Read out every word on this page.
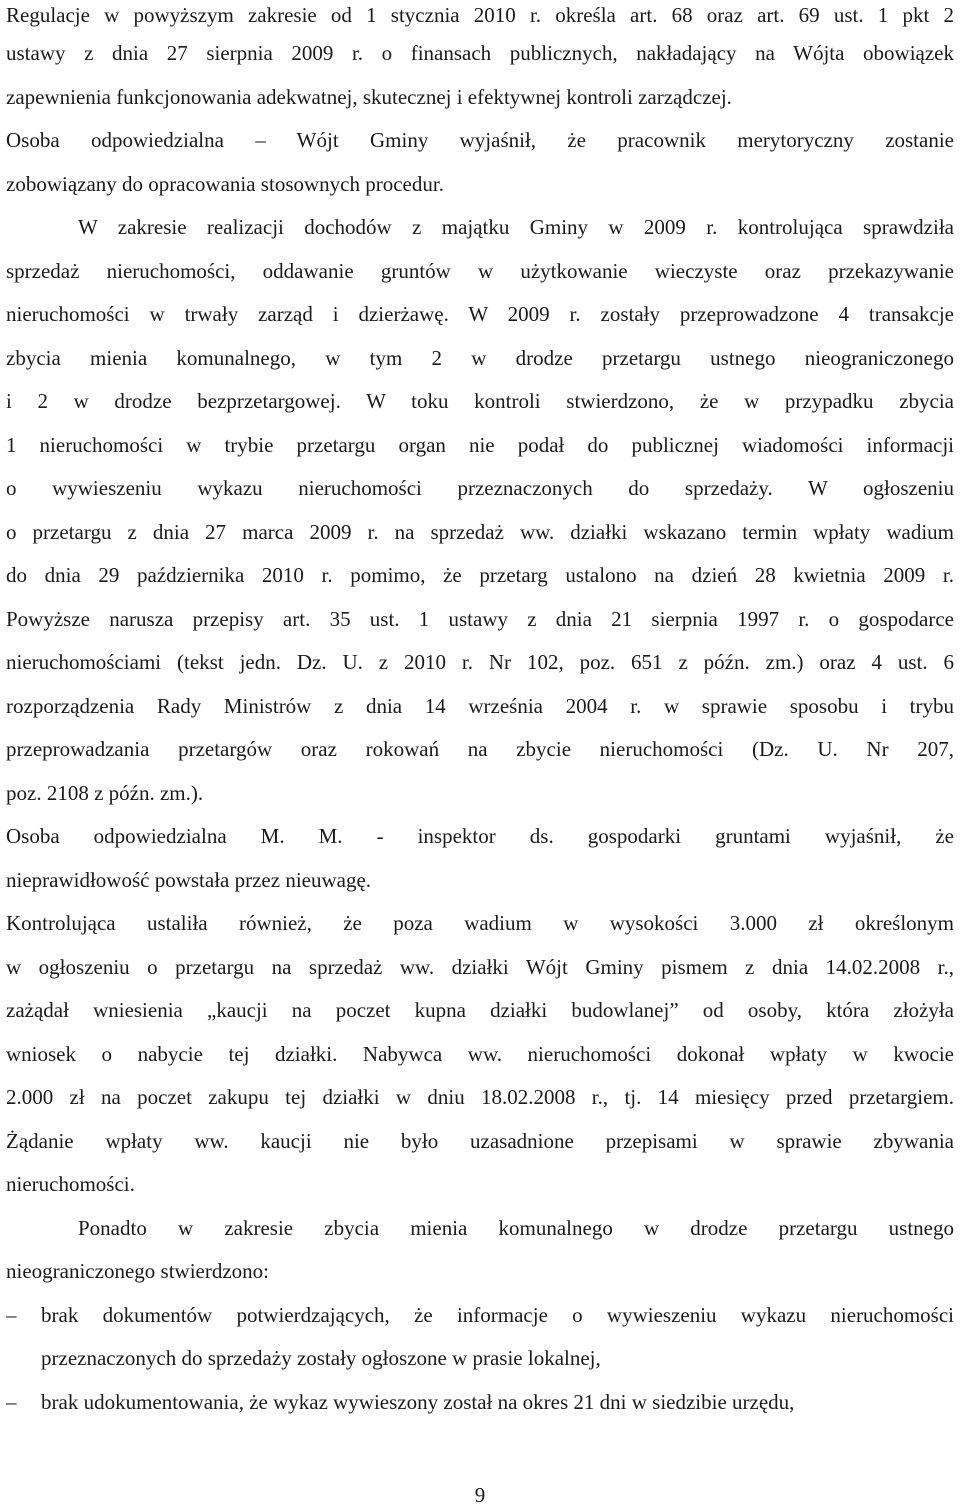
Regulacje w powyższym zakresie od 1 stycznia 2010 r. określa art. 68 oraz art. 69 ust. 1 pkt 2
ustawy z dnia 27 sierpnia 2009 r. o finansach publicznych, nakładający na Wójta obowiązek
zapewnienia funkcjonowania adekwatnej, skutecznej i efektywnej kontroli zarządczej.
Osoba odpowiedzialna – Wójt Gminy wyjaśnił, że pracownik merytoryczny zostanie
zobowiązany do opracowania stosownych procedur.
W zakresie realizacji dochodów z majątku Gminy w 2009 r. kontrolująca sprawdziła
sprzedaż nieruchomości, oddawanie gruntów w użytkowanie wieczyste oraz przekazywanie
nieruchomości w trwały zarząd i dzierżawę. W 2009 r. zostały przeprowadzone 4 transakcje
zbycia mienia komunalnego, w tym 2 w drodze przetargu ustnego nieograniczonego
i 2 w drodze bezprzetargowej. W toku kontroli stwierdzono, że w przypadku zbycia
1 nieruchomości w trybie przetargu organ nie podał do publicznej wiadomości informacji
o wywieszeniu wykazu nieruchomości przeznaczonych do sprzedaży. W ogłoszeniu
o przetargu z dnia 27 marca 2009 r. na sprzedaż ww. działki wskazano termin wpłaty wadium
do dnia 29 października 2010 r. pomimo, że przetarg ustalono na dzień 28 kwietnia 2009 r.
Powyższe narusza przepisy art. 35 ust. 1 ustawy z dnia 21 sierpnia 1997 r. o gospodarce
nieruchomościami (tekst jedn. Dz. U. z 2010 r. Nr 102, poz. 651 z późn. zm.) oraz 4 ust. 6
rozporządzenia Rady Ministrów z dnia 14 września 2004 r. w sprawie sposobu i trybu
przeprowadzania przetargów oraz rokowań na zbycie nieruchomości (Dz. U. Nr 207,
poz. 2108 z późn. zm.).
Osoba odpowiedzialna M. M. - inspektor ds. gospodarki gruntami wyjaśnił, że
nieprawidłowość powstała przez nieuwagę.
Kontrolująca ustaliła również, że poza wadium w wysokości 3.000 zł określonym
w ogłoszeniu o przetargu na sprzedaż ww. działki Wójt Gminy pismem z dnia 14.02.2008 r.,
zażądał wniesienia „kaucji na poczet kupna działki budowlanej” od osoby, która złożyła
wniosek o nabycie tej działki. Nabywca ww. nieruchomości dokonał wpłaty w kwocie
2.000 zł na poczet zakupu tej działki w dniu 18.02.2008 r., tj. 14 miesięcy przed przetargiem.
Żądanie wpłaty ww. kaucji nie było uzasadnione przepisami w sprawie zbywania
nieruchomości.
Ponadto w zakresie zbycia mienia komunalnego w drodze przetargu ustnego
nieograniczonego stwierdzono:
– brak dokumentów potwierdzających, że informacje o wywieszeniu wykazu nieruchomości
przeznaczonych do sprzedaży zostały ogłoszone w prasie lokalnej,
– brak udokumentowania, że wykaz wywieszony został na okres 21 dni w siedzibie urzędu,
9
